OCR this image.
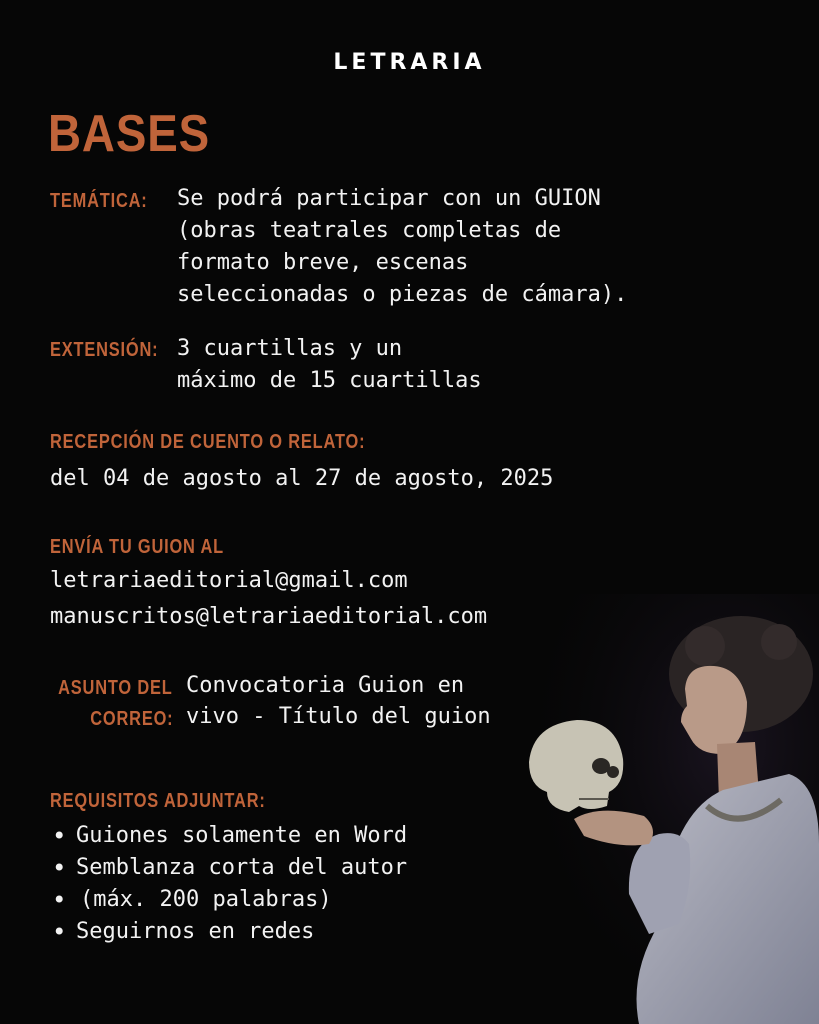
LETRARIA
BASES
TEMÁTICA: Se podrá participar con un GUION
(obras teatrales completas de
formato breve, escenas
seleccionadas o piezas de cámara).
EXTENSIÓN: 3 cuartillas y un
máximo de 15 cuartillas
RECEPCIÓN DE CUENTO O RELATO:
del 04 de agosto al 27 de agosto, 2025
ENVÍA TU GUION AL
letrariaeditorial@gmail.com
manuscritos@letrariaeditorial.com
ASUNTO DEL
CORREO:
Convocatoria Guion en
vivo - Título del guion
REQUISITOS ADJUNTAR:
• Guiones solamente en Word
• Semblanza corta del autor
• (máx. 200 palabras)
• Seguirnos en redes
